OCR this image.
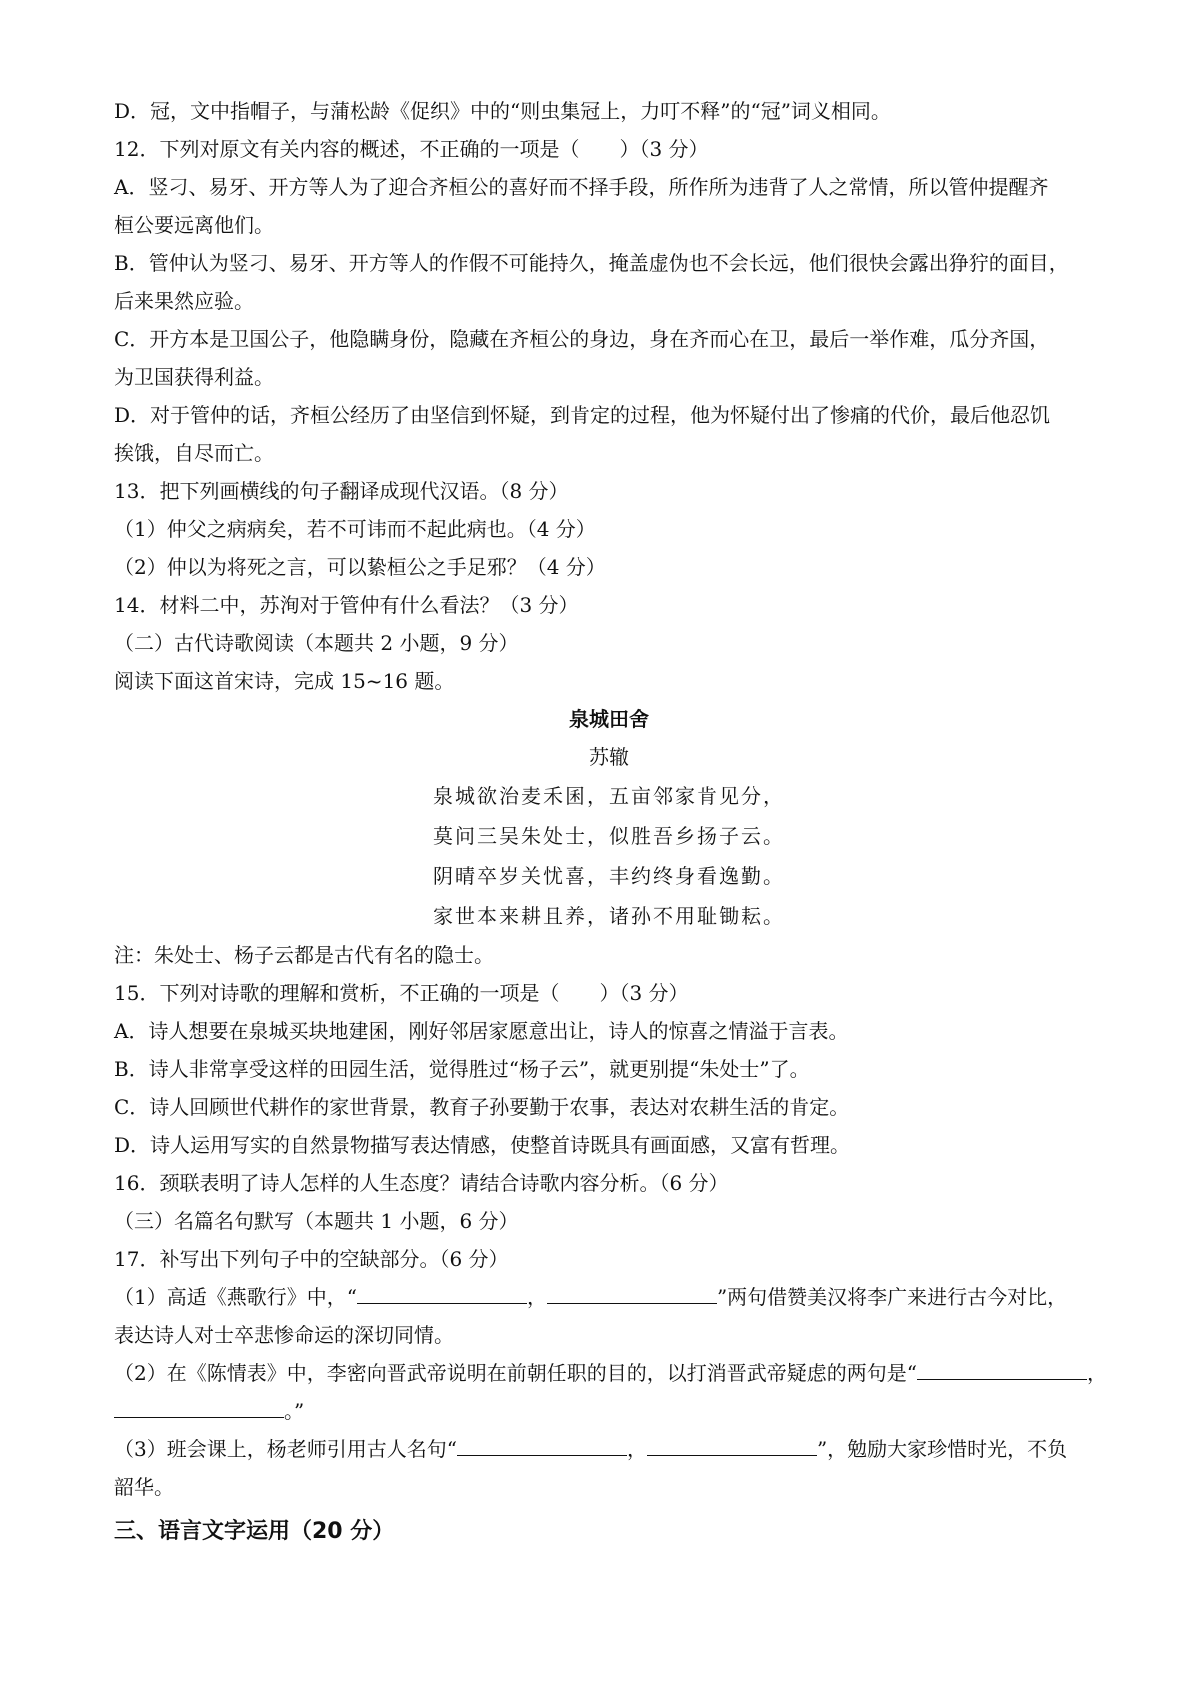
D．冠，文中指帽子，与蒲松龄《促织》中的“则虫集冠上，力叮不释”的“冠”词义相同。

12．下列对原文有关内容的概述，不正确的一项是（　　）（3 分）

A．竖刁、易牙、开方等人为了迎合齐桓公的喜好而不择手段，所作所为违背了人之常情，所以管仲提醒齐

桓公要远离他们。

B．管仲认为竖刁、易牙、开方等人的作假不可能持久，掩盖虚伪也不会长远，他们很快会露出狰狞的面目，

后来果然应验。

C．开方本是卫国公子，他隐瞒身份，隐藏在齐桓公的身边，身在齐而心在卫，最后一举作难，瓜分齐国，

为卫国获得利益。

D．对于管仲的话，齐桓公经历了由坚信到怀疑，到肯定的过程，他为怀疑付出了惨痛的代价，最后他忍饥

挨饿，自尽而亡。

13．把下列画横线的句子翻译成现代汉语。（8 分）

（1）仲父之病病矣，若不可讳而不起此病也。（4 分）

（2）仲以为将死之言，可以絷桓公之手足邪？（4 分）

14．材料二中，苏洵对于管仲有什么看法？（3 分）

（二）古代诗歌阅读（本题共 2 小题，9 分）

阅读下面这首宋诗，完成 15~16 题。

泉城田舍

苏辙

泉城欲治麦禾囷，五亩邻家肯见分，

莫问三吴朱处士，似胜吾乡扬子云。

阴晴卒岁关忧喜，丰约终身看逸勤。

家世本来耕且养，诸孙不用耻锄耘。

注：朱处士、杨子云都是古代有名的隐士。

15．下列对诗歌的理解和赏析，不正确的一项是（　　）（3 分）

A．诗人想要在泉城买块地建囷，刚好邻居家愿意出让，诗人的惊喜之情溢于言表。

B．诗人非常享受这样的田园生活，觉得胜过“杨子云”，就更别提“朱处士”了。

C．诗人回顾世代耕作的家世背景，教育子孙要勤于农事，表达对农耕生活的肯定。

D．诗人运用写实的自然景物描写表达情感，使整首诗既具有画面感，又富有哲理。

16．颈联表明了诗人怎样的人生态度？请结合诗歌内容分析。（6 分）

（三）名篇名句默写（本题共 1 小题，6 分）

17．补写出下列句子中的空缺部分。（6 分）

（1）高适《燕歌行》中，“	，	”两句借赞美汉将李广来进行古今对比，

表达诗人对士卒悲惨命运的深切同情。

（2）在《陈情表》中，李密向晋武帝说明在前朝任职的目的，以打消晋武帝疑虑的两句是“	，

。”

（3）班会课上，杨老师引用古人名句“	，	”，勉励大家珍惜时光，不负

韶华。

三、语言文字运用（20 分）
